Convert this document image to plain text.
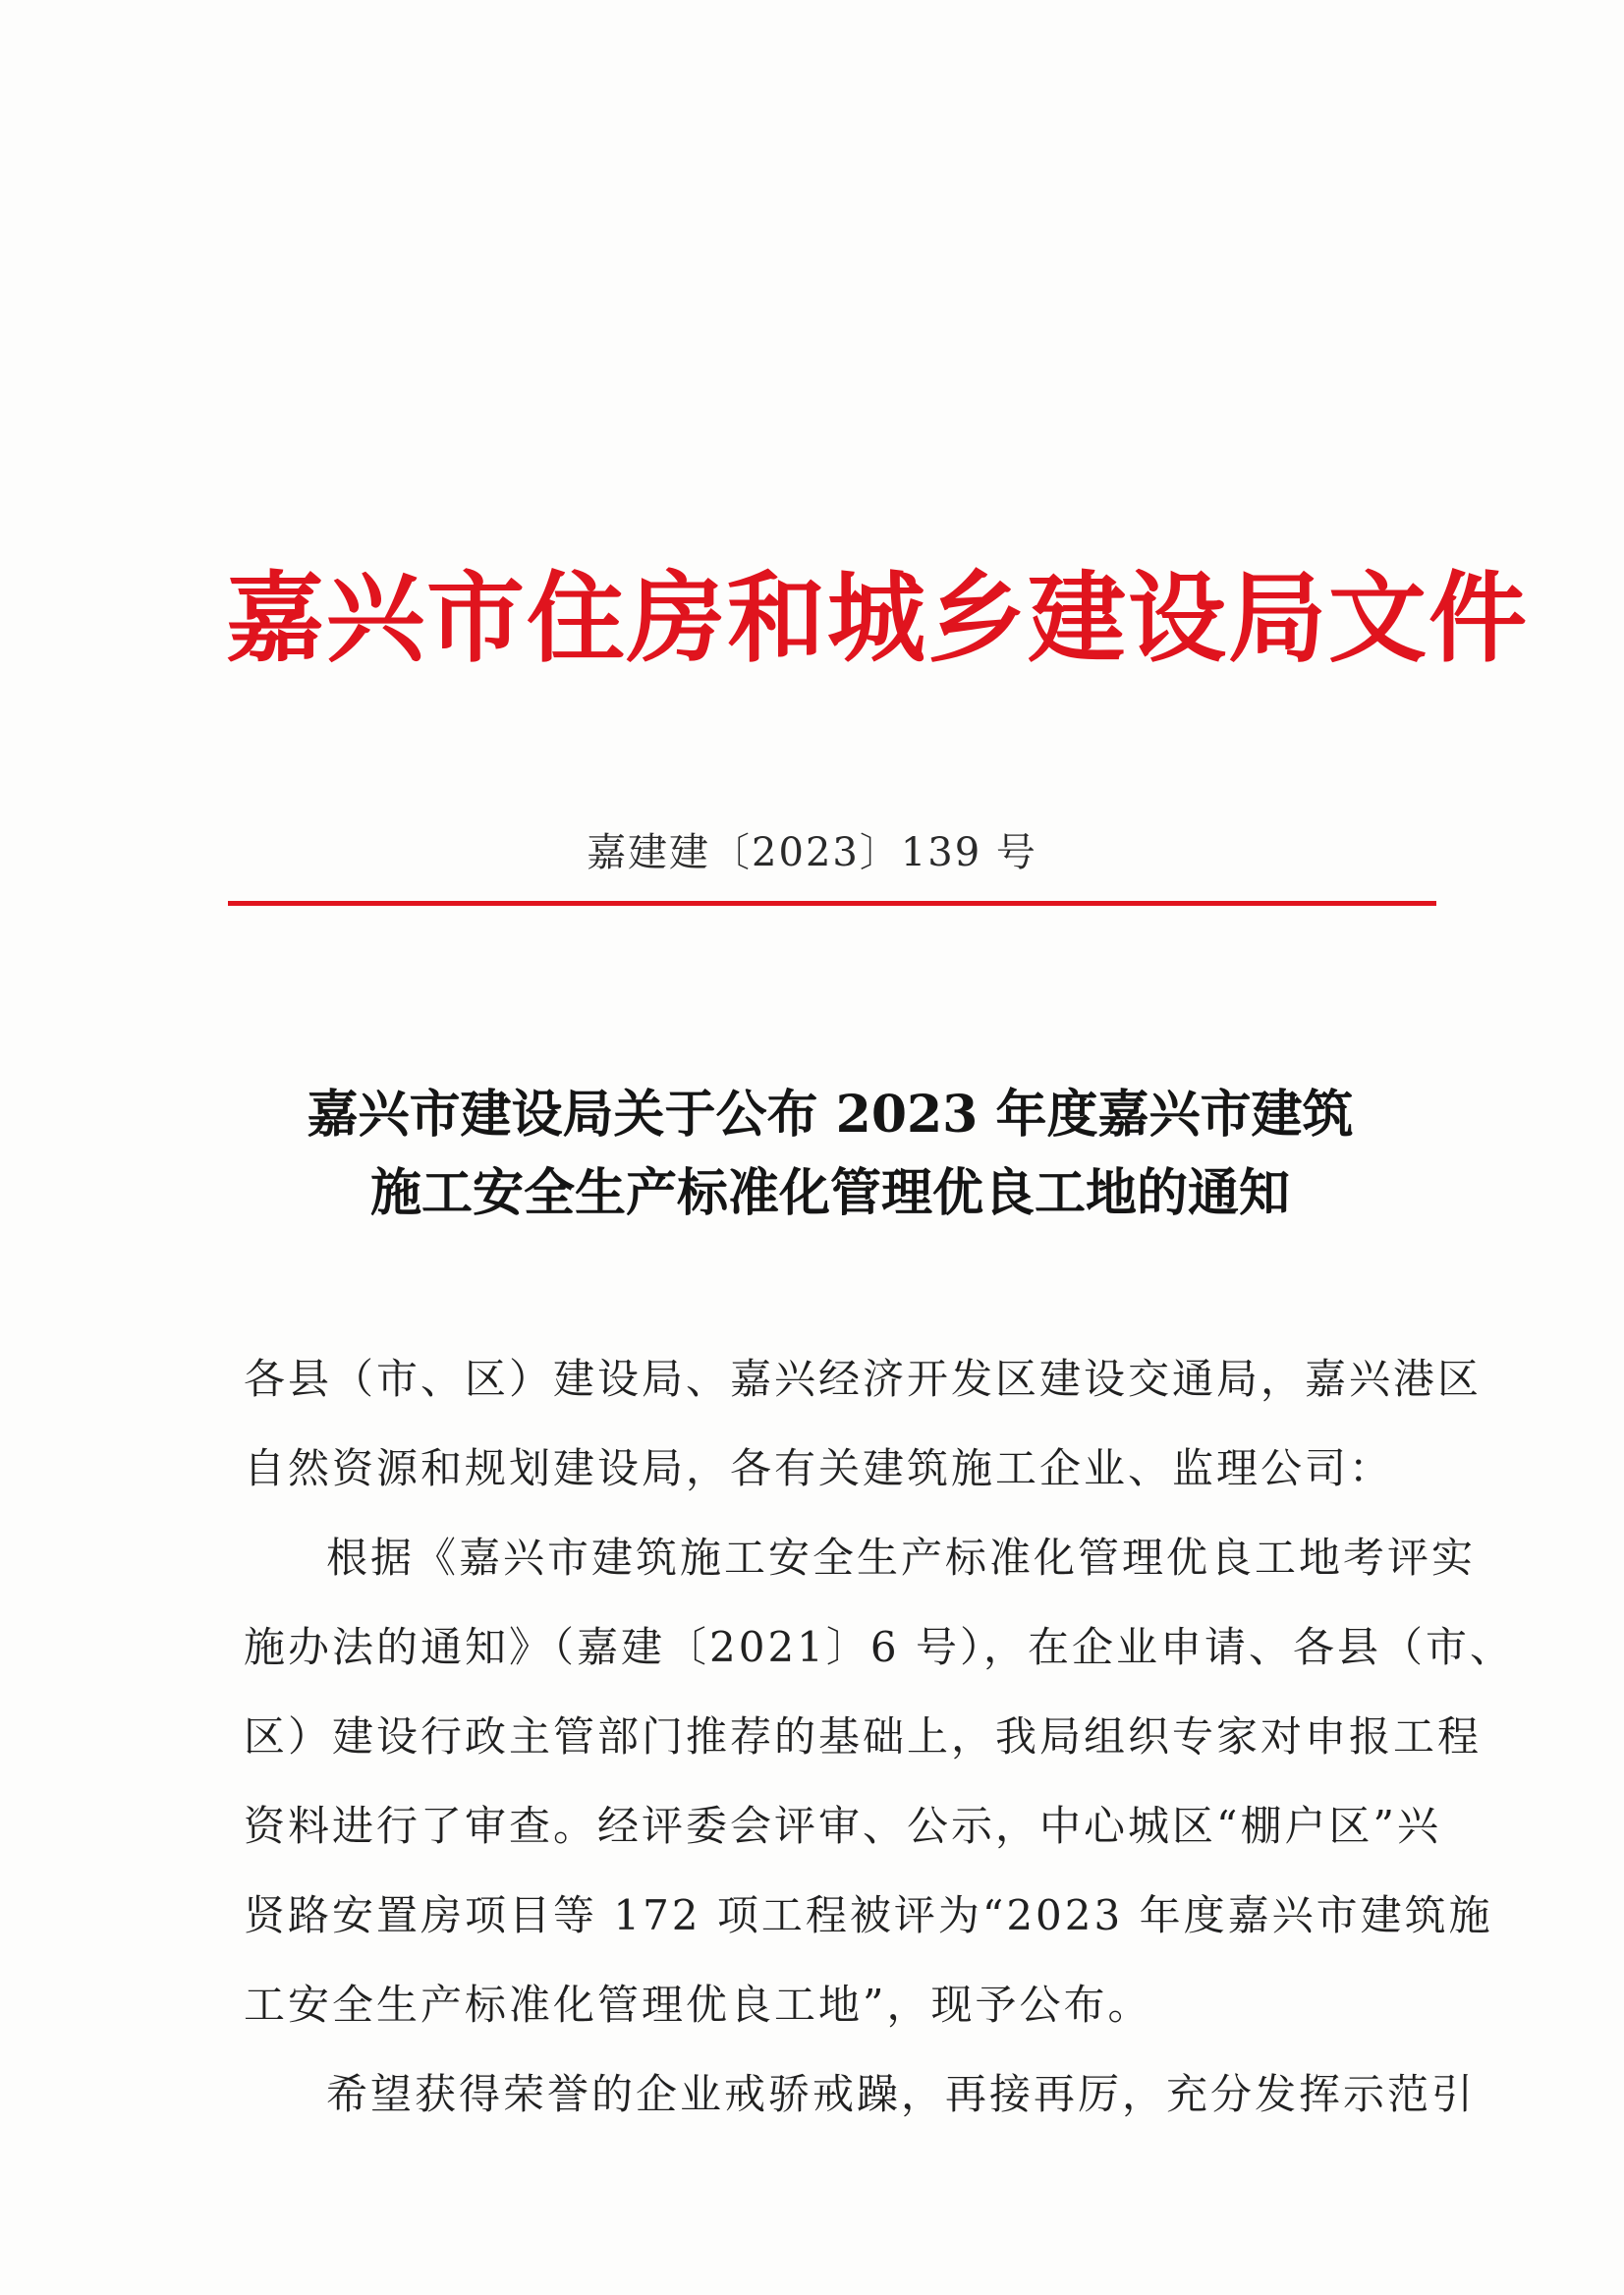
嘉兴市住房和城乡建设局文件
嘉建建〔2023〕139 号
嘉兴市建设局关于公布 2023 年度嘉兴市建筑
施工安全生产标准化管理优良工地的通知
各县（市、区）建设局、嘉兴经济开发区建设交通局，嘉兴港区
自然资源和规划建设局，各有关建筑施工企业、监理公司：
根据《嘉兴市建筑施工安全生产标准化管理优良工地考评实
施办法的通知》（嘉建〔2021〕6 号），在企业申请、各县（市、
区）建设行政主管部门推荐的基础上，我局组织专家对申报工程
资料进行了审查。经评委会评审、公示，中心城区“棚户区”兴
贤路安置房项目等 172 项工程被评为“2023 年度嘉兴市建筑施
工安全生产标准化管理优良工地”，现予公布。
希望获得荣誉的企业戒骄戒躁，再接再厉，充分发挥示范引
